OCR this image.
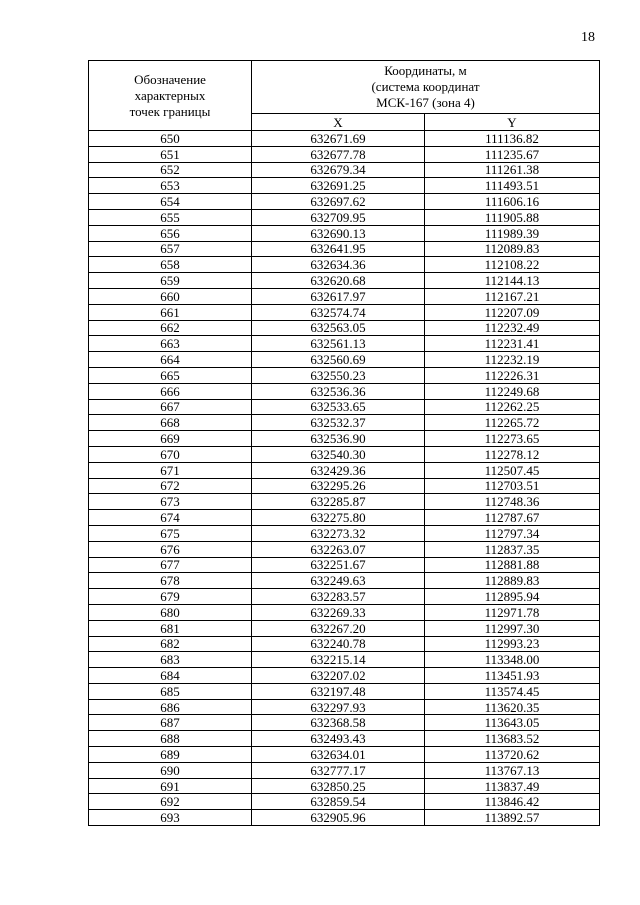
18
Обозначение
характерных
точек границы	Координаты, м
(система координат
МСК-167 (зона 4)	

	X	Y
650	632671.69	111136.82
651	632677.78	111235.67
652	632679.34	111261.38
653	632691.25	111493.51
654	632697.62	111606.16
655	632709.95	111905.88
656	632690.13	111989.39
657	632641.95	112089.83
658	632634.36	112108.22
659	632620.68	112144.13
660	632617.97	112167.21
661	632574.74	112207.09
662	632563.05	112232.49
663	632561.13	112231.41
664	632560.69	112232.19
665	632550.23	112226.31
666	632536.36	112249.68
667	632533.65	112262.25
668	632532.37	112265.72
669	632536.90	112273.65
670	632540.30	112278.12
671	632429.36	112507.45
672	632295.26	112703.51
673	632285.87	112748.36
674	632275.80	112787.67
675	632273.32	112797.34
676	632263.07	112837.35
677	632251.67	112881.88
678	632249.63	112889.83
679	632283.57	112895.94
680	632269.33	112971.78
681	632267.20	112997.30
682	632240.78	112993.23
683	632215.14	113348.00
684	632207.02	113451.93
685	632197.48	113574.45
686	632297.93	113620.35
687	632368.58	113643.05
688	632493.43	113683.52
689	632634.01	113720.62
690	632777.17	113767.13
691	632850.25	113837.49
692	632859.54	113846.42
693	632905.96	113892.57
